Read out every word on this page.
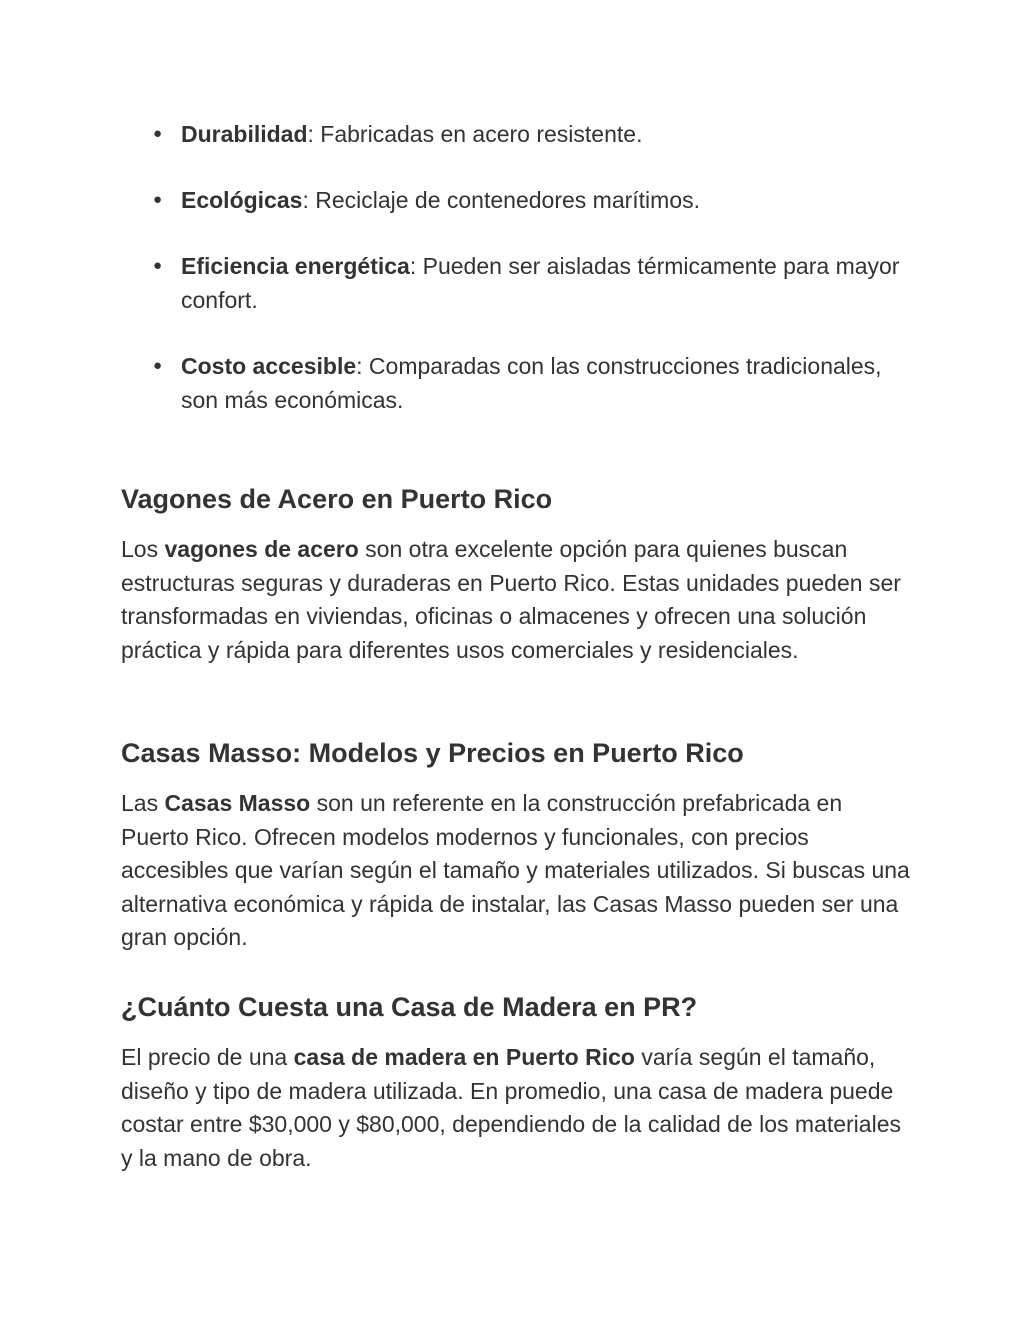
● Durabilidad: Fabricadas en acero resistente.
● Ecológicas: Reciclaje de contenedores marítimos.
● Eficiencia energética: Pueden ser aisladas térmicamente para mayor confort.
● Costo accesible: Comparadas con las construcciones tradicionales, son más económicas.
Vagones de Acero en Puerto Rico

Los vagones de acero son otra excelente opción para quienes buscan estructuras seguras y duraderas en Puerto Rico. Estas unidades pueden ser transformadas en viviendas, oficinas o almacenes y ofrecen una solución práctica y rápida para diferentes usos comerciales y residenciales.

Casas Masso: Modelos y Precios en Puerto Rico

Las Casas Masso son un referente en la construcción prefabricada en Puerto Rico. Ofrecen modelos modernos y funcionales, con precios accesibles que varían según el tamaño y materiales utilizados. Si buscas una alternativa económica y rápida de instalar, las Casas Masso pueden ser una gran opción.

¿Cuánto Cuesta una Casa de Madera en PR?

El precio de una casa de madera en Puerto Rico varía según el tamaño, diseño y tipo de madera utilizada. En promedio, una casa de madera puede costar entre $30,000 y $80,000, dependiendo de la calidad de los materiales y la mano de obra.
